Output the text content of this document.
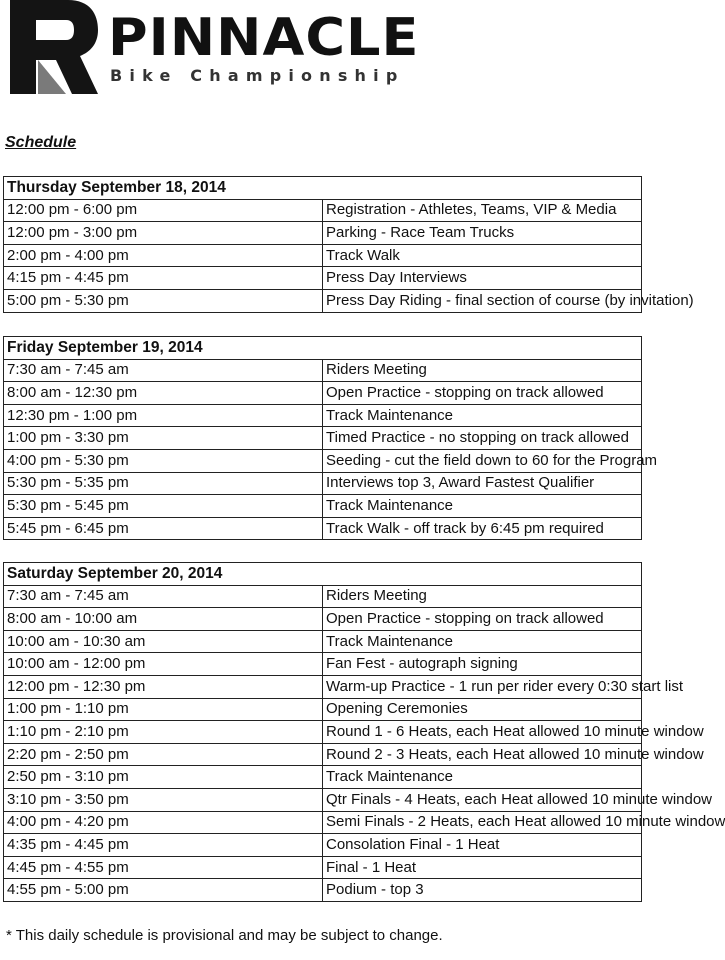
PINNACLE
Bike Championship
Schedule
Thursday September 18, 2014	
12:00 pm - 6:00 pm	Registration - Athletes, Teams, VIP & Media
12:00 pm - 3:00 pm	Parking - Race Team Trucks
2:00 pm - 4:00 pm	Track Walk
4:15 pm - 4:45 pm	Press Day Interviews
5:00 pm - 5:30 pm	Press Day Riding - final section of course (by invitation)
Friday September 19, 2014	
7:30 am - 7:45 am	Riders Meeting
8:00 am - 12:30 pm	Open Practice - stopping on track allowed
12:30 pm - 1:00 pm	Track Maintenance
1:00 pm - 3:30 pm	Timed Practice - no stopping on track allowed
4:00 pm - 5:30 pm	Seeding - cut the field down to 60 for the Program
5:30 pm - 5:35 pm	Interviews top 3, Award Fastest Qualifier
5:30 pm - 5:45 pm	Track Maintenance
5:45 pm - 6:45 pm	Track Walk - off track by 6:45 pm required
Saturday September 20, 2014	
7:30 am - 7:45 am	Riders Meeting
8:00 am - 10:00 am	Open Practice - stopping on track allowed
10:00 am - 10:30 am	Track Maintenance
10:00 am - 12:00 pm	Fan Fest - autograph signing
12:00 pm - 12:30 pm	Warm-up Practice - 1 run per rider every 0:30 start list
1:00 pm - 1:10 pm	Opening Ceremonies
1:10 pm - 2:10 pm	Round 1 - 6 Heats, each Heat allowed 10 minute window
2:20 pm - 2:50 pm	Round 2 - 3 Heats, each Heat allowed 10 minute window
2:50 pm - 3:10 pm	Track Maintenance
3:10 pm - 3:50 pm	Qtr Finals - 4 Heats, each Heat allowed 10 minute window
4:00 pm - 4:20 pm	Semi Finals - 2 Heats, each Heat allowed 10 minute window
4:35 pm - 4:45 pm	Consolation Final - 1 Heat
4:45 pm - 4:55 pm	Final - 1 Heat
4:55 pm - 5:00 pm	Podium - top 3
* This daily schedule is provisional and may be subject to change.
